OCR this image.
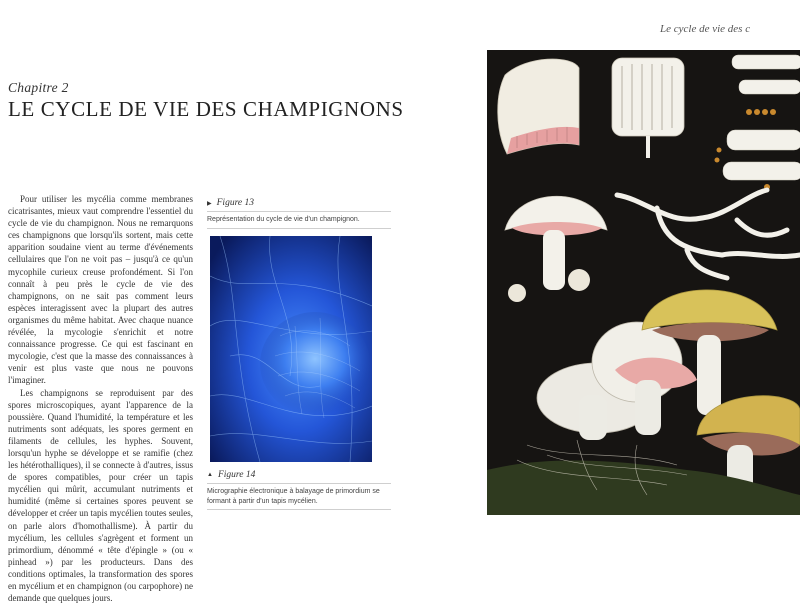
Le cycle de vie des c
Chapitre 2
LE CYCLE DE VIE DES CHAMPIGNONS

Pour utiliser les mycélia comme membranes cicatrisantes, mieux vaut comprendre l'essentiel du cycle de vie du champignon. Nous ne remarquons ces champignons que lorsqu'ils sortent, mais cette apparition soudaine vient au terme d'événements cellulaires que l'on ne voit pas – jusqu'à ce qu'un mycophile curieux creuse profondément. Si l'on connaît à peu près le cycle de vie des champignons, on ne sait pas comment leurs espèces interagissent avec la plupart des autres organismes du même habitat. Avec chaque nuance révélée, la mycologie s'enrichit et notre connaissance progresse. Ce qui est fascinant en mycologie, c'est que la masse des connaissances à venir est plus vaste que nous ne pouvons l'imaginer.

Les champignons se reproduisent par des spores microscopiques, ayant l'apparence de la poussière. Quand l'humidité, la température et les nutriments sont adéquats, les spores germent en filaments de cellules, les hyphes. Souvent, lorsqu'un hyphe se développe et se ramifie (chez les hétérothalliques), il se connecte à d'autres, issus de spores compatibles, pour créer un tapis mycélien qui mûrit, accumulant nutriments et humidité (même si certaines spores peuvent se développer et créer un tapis mycélien toutes seules, on parle alors d'homothallisme). À partir du mycélium, les cellules s'agrègent et forment un primordium, dénommé « tête d'épingle » (ou « pinhead ») par les producteurs. Dans des conditions optimales, la transformation des spores en mycélium et en champignon (ou carpophore) ne demande que quelques jours.

▶ Figure 13
Représentation du cycle de vie d'un champignon.
▲ Figure 14
Micrographie électronique à balayage de primordium se formant à partir d'un tapis mycélien.
